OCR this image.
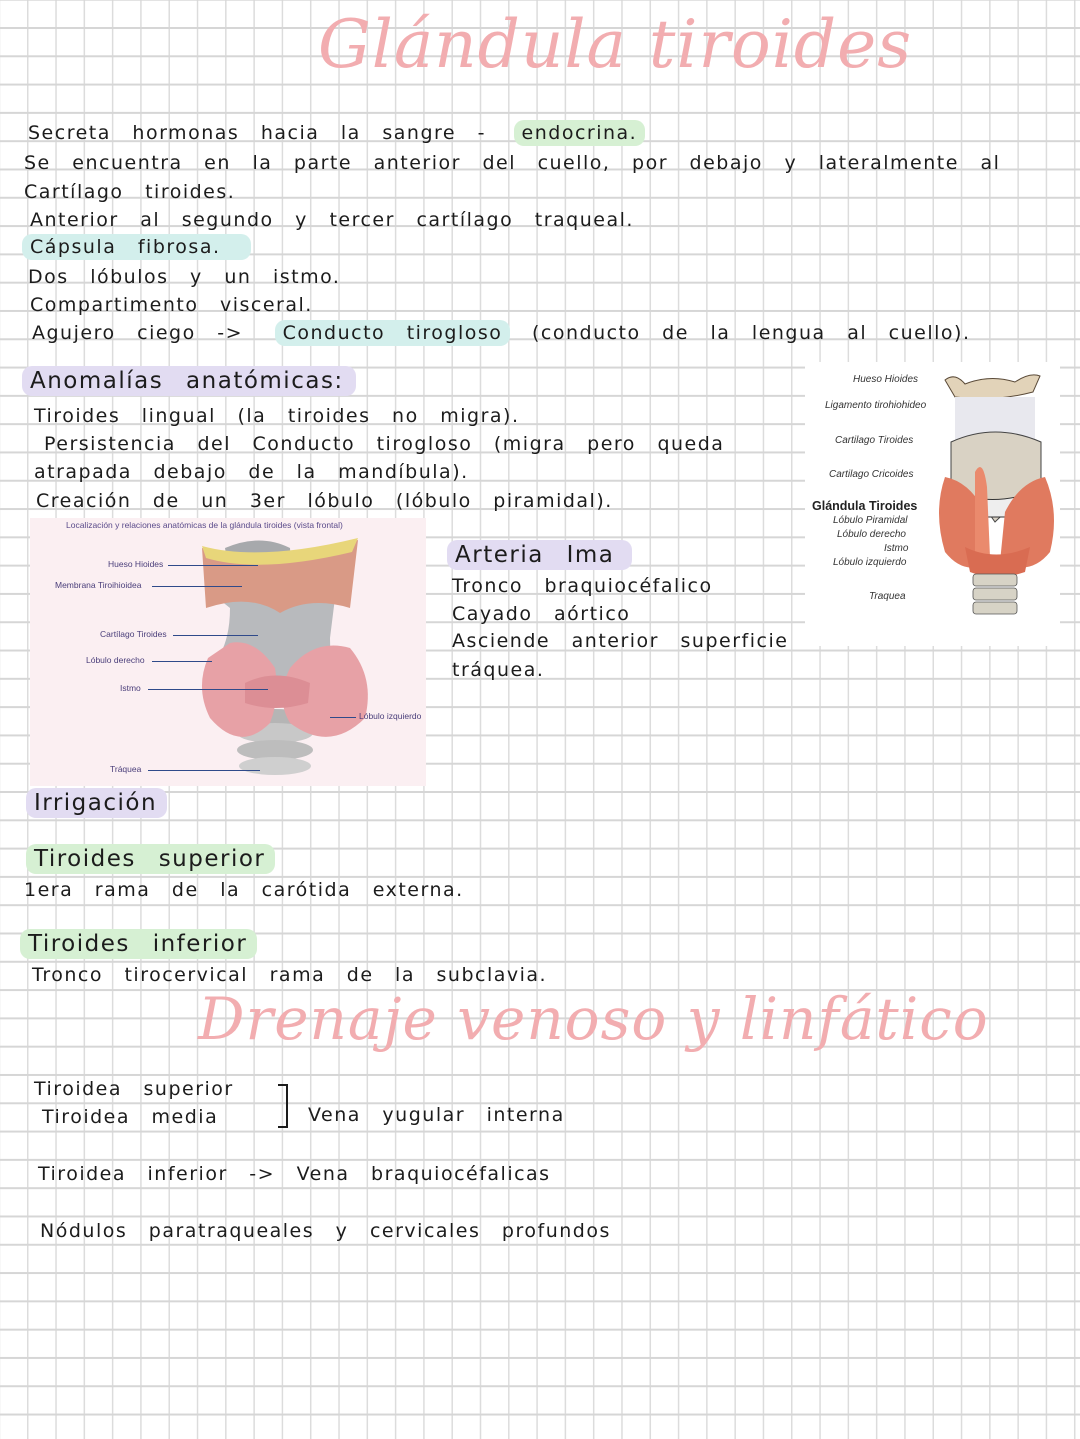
Glándula tiroides
Drenaje venoso y linfático
Secreta hormonas hacia la sangre - endocrina.
Se encuentra en la parte anterior del cuello, por debajo y lateralmente al
Cartílago tiroides.
Anterior al segundo y tercer cartílago traqueal.
Cápsula fibrosa.
Dos lóbulos y un istmo.
Compartimento visceral.
Agujero ciego -> Conducto tirogloso (conducto de la lengua al cuello).
Anomalías anatómicas:
Tiroides lingual (la tiroides no migra).
Persistencia del Conducto tirogloso (migra pero queda
atrapada debajo de la mandíbula).
Creación de un 3er lóbulo (lóbulo piramidal).
Localización y relaciones anatómicas de la glándula tiroides (vista frontal)
Hueso Hioides
Membrana Tiroihioidea
Cartílago Tiroides
Lóbulo derecho
Istmo
Lóbulo izquierdo
Tráquea
Hueso Hioides
Ligamento tirohiohideo
Cartilago Tiroides
Cartilago Cricoides
Glándula Tiroides
Lóbulo Piramidal
Lóbulo derecho
Istmo
Lóbulo izquierdo
Traquea
Arteria Ima
Tronco braquiocéfalico
Cayado aórtico
Asciende anterior superficie
tráquea.
Irrigación
Tiroides superior
1era rama de la carótida externa.
Tiroides inferior
Tronco tirocervical rama de la subclavia.
Tiroidea superior
Tiroidea media	Vena yugular interna
Tiroidea inferior -> Vena braquiocéfalicas
Nódulos paratraqueales y cervicales profundos
